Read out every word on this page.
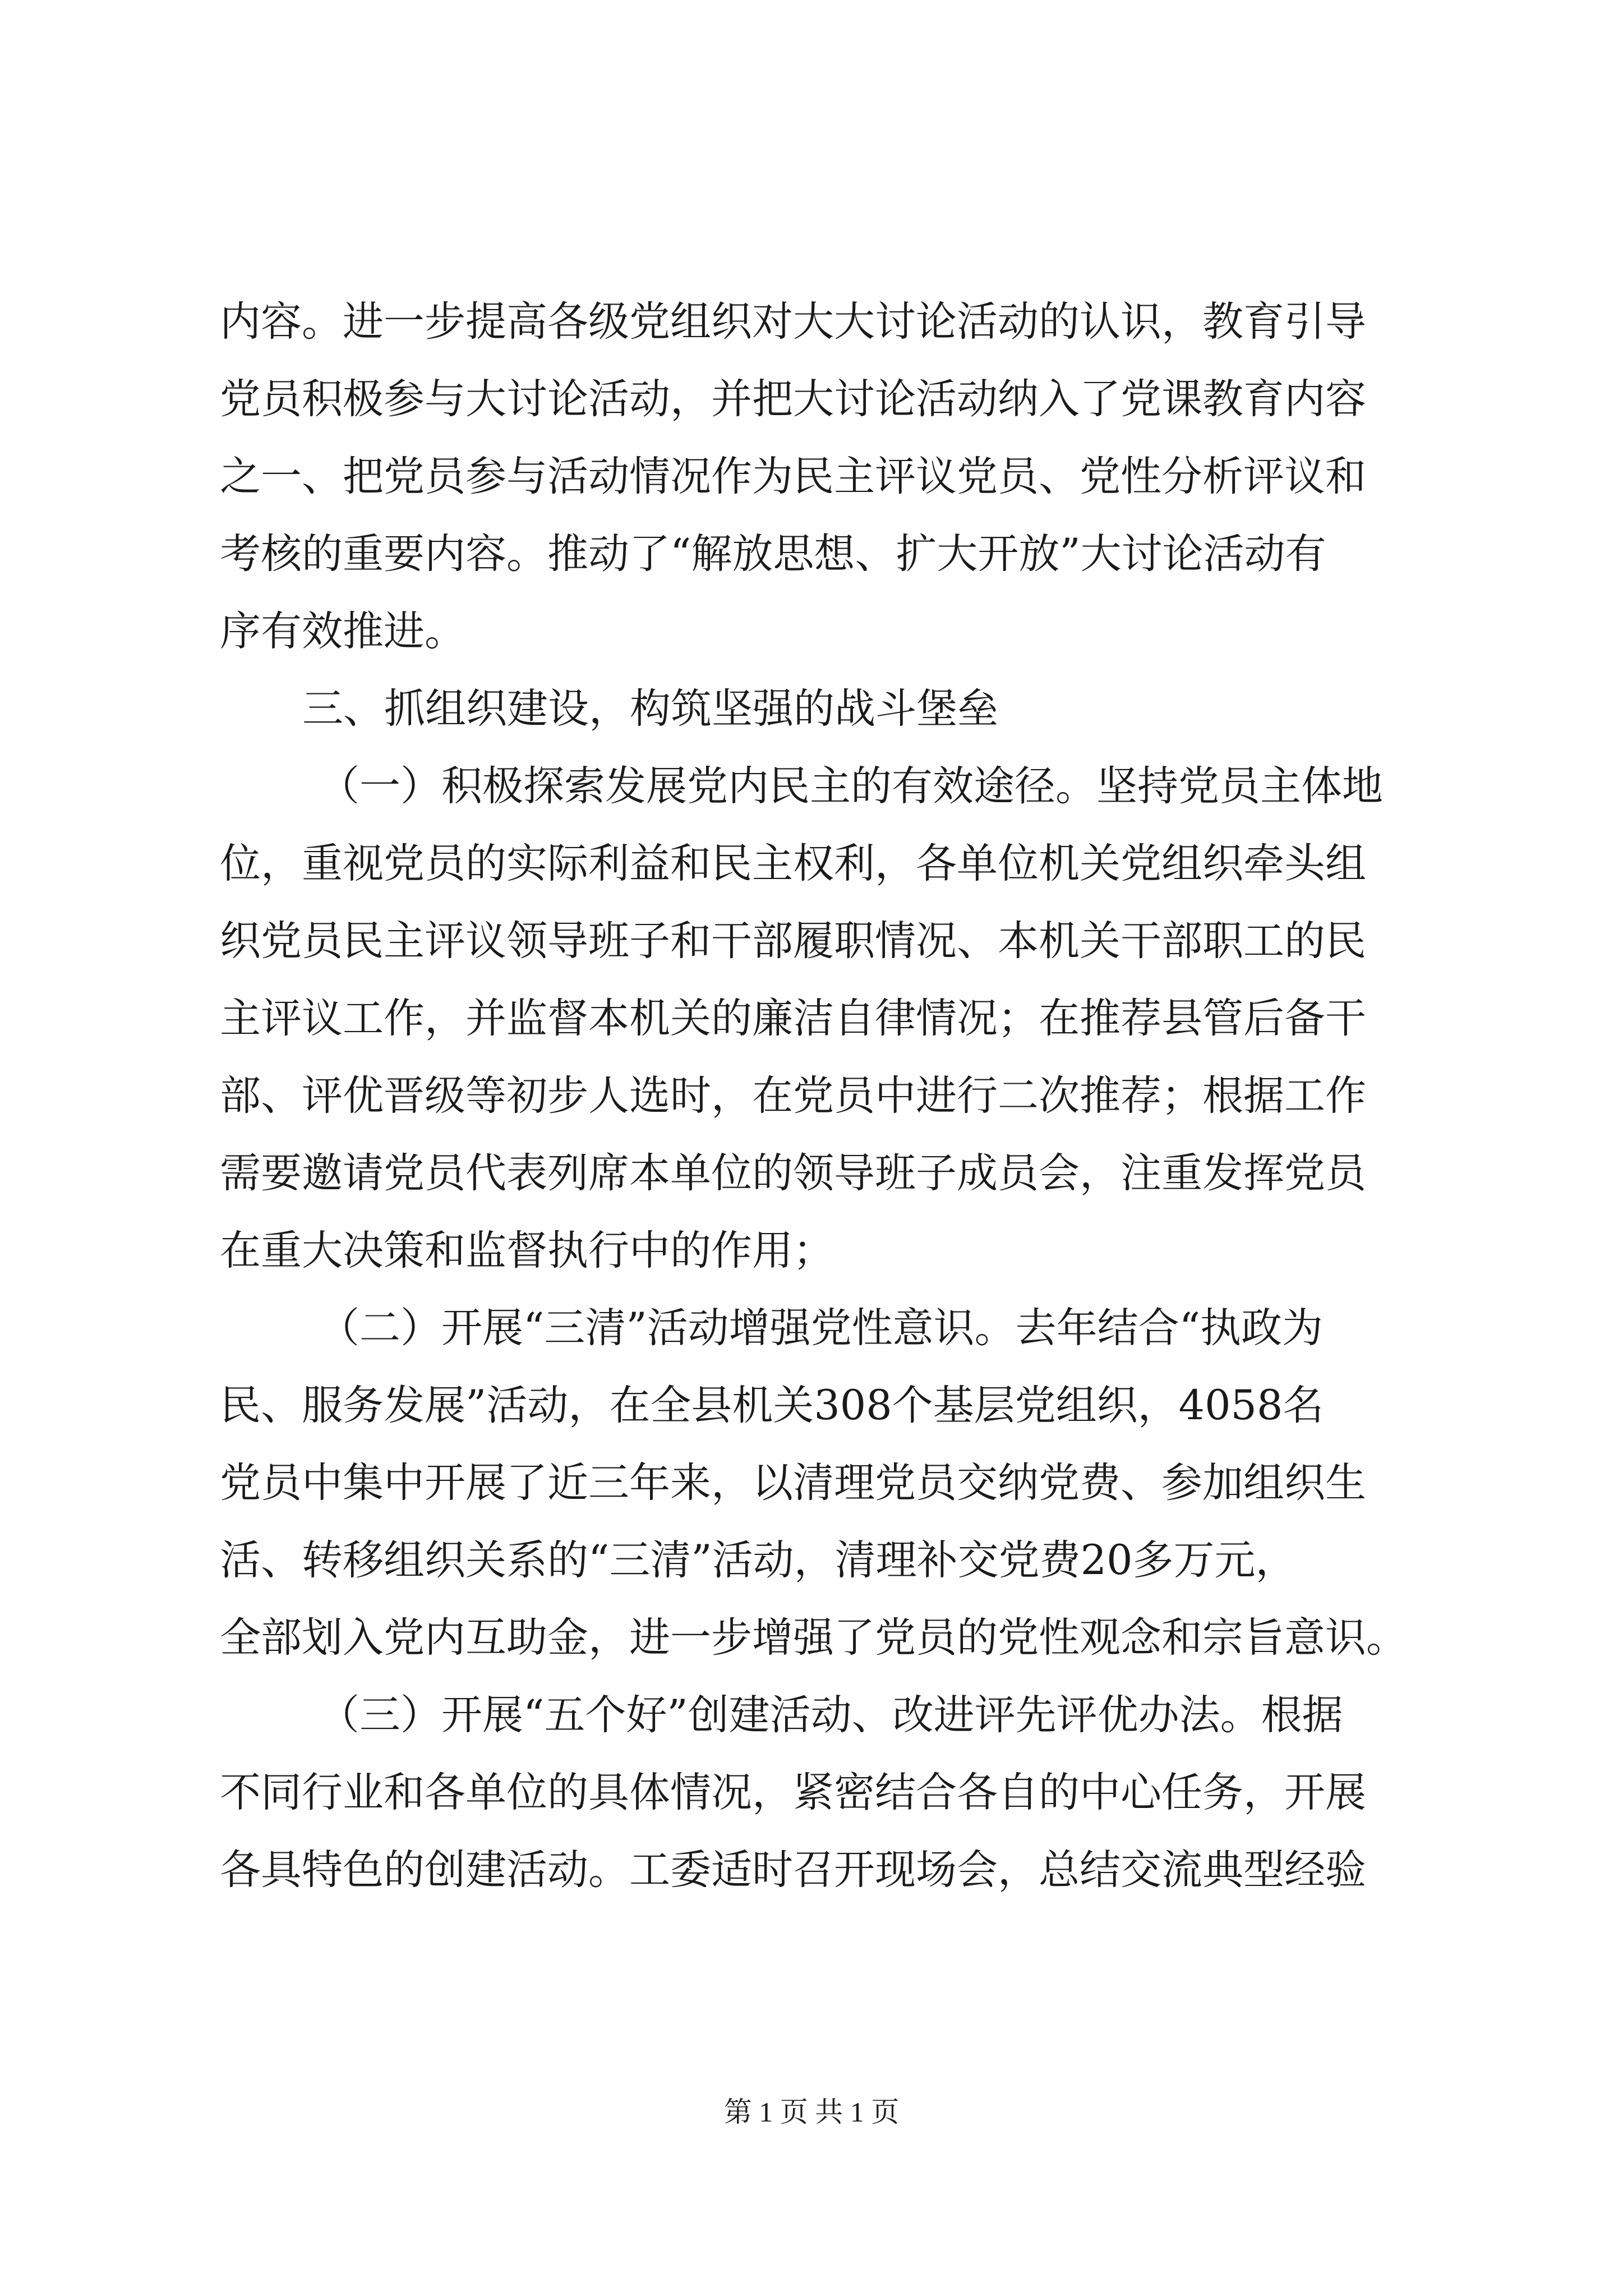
内容。进一步提高各级党组织对大大讨论活动的认识，教育引导
党员积极参与大讨论活动，并把大讨论活动纳入了党课教育内容
之一、把党员参与活动情况作为民主评议党员、党性分析评议和
考核的重要内容。推动了“解放思想、扩大开放”大讨论活动有
序有效推进。
三、抓组织建设，构筑坚强的战斗堡垒
（一）积极探索发展党内民主的有效途径。坚持党员主体地
位，重视党员的实际利益和民主权利，各单位机关党组织牵头组
织党员民主评议领导班子和干部履职情况、本机关干部职工的民
主评议工作，并监督本机关的廉洁自律情况；在推荐县管后备干
部、评优晋级等初步人选时，在党员中进行二次推荐；根据工作
需要邀请党员代表列席本单位的领导班子成员会，注重发挥党员
在重大决策和监督执行中的作用；
（二）开展“三清”活动增强党性意识。去年结合“执政为
民、服务发展”活动，在全县机关308个基层党组织，4058名
党员中集中开展了近三年来，以清理党员交纳党费、参加组织生
活、转移组织关系的“三清”活动，清理补交党费20多万元，
全部划入党内互助金，进一步增强了党员的党性观念和宗旨意识。
（三）开展“五个好”创建活动、改进评先评优办法。根据
不同行业和各单位的具体情况，紧密结合各自的中心任务，开展
各具特色的创建活动。工委适时召开现场会，总结交流典型经验
第 1 页 共 1 页
